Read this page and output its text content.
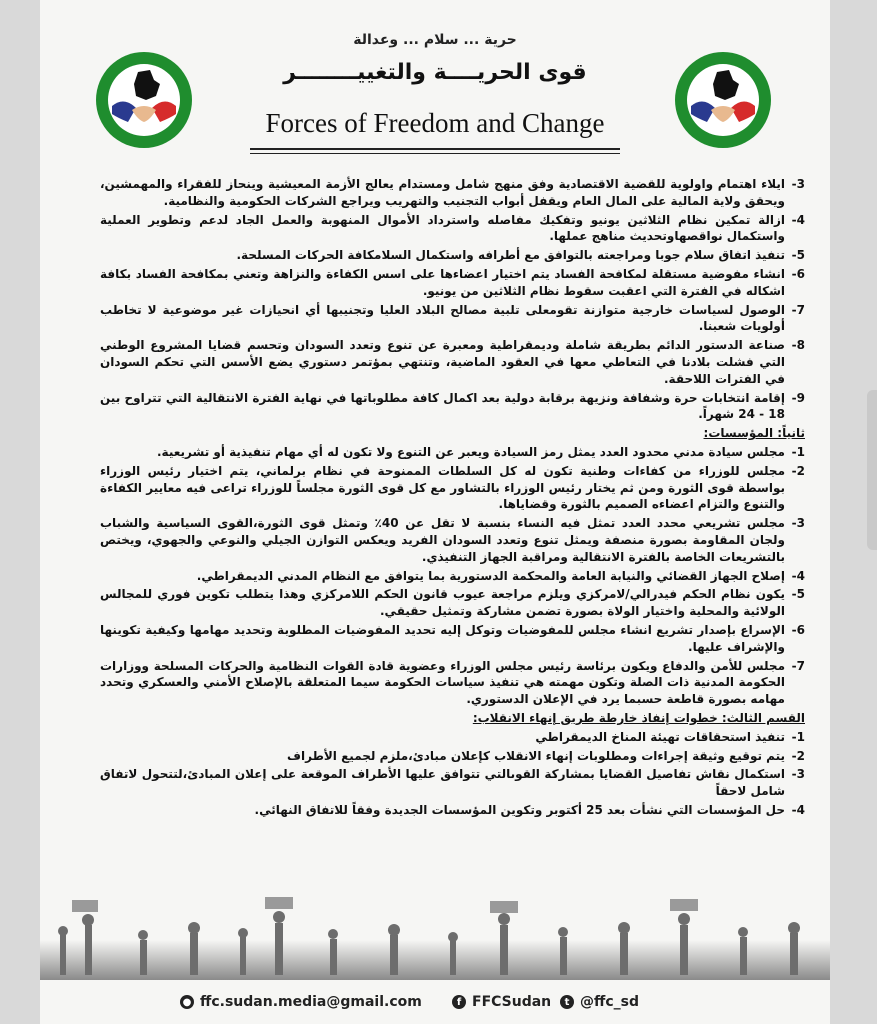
حرية ... سلام ... وعدالة
قوى الحريــــة والتغييــــــــر
Forces of Freedom and Change
3-
ايلاء اهتمام واولوية للقضية الاقتصادية وفق منهج شامل ومستدام يعالج الأزمة المعيشية وينحاز للفقراء والمهمشين، ويحقق ولاية المالية على المال العام ويقفل أبواب التجنيب والتهريب ويراجع الشركات الحكومية والنظامية.
4-
ازالة تمكين نظام الثلاثين يونيو وتفكيك مفاصله واسترداد الأموال المنهوبة والعمل الجاد لدعم وتطوير العملية واستكمال نواقصهاوتحديث مناهج عملها.
5-
تنفيذ اتفاق سلام جوبا ومراجعته بالتوافق مع أطرافه واستكمال السلامكافة الحركات المسلحة.
6-
انشاء مفوضية مستقلة لمكافحة الفساد يتم اختيار اعضاءها على اسس الكفاءة والنزاهة وتعني بمكافحة الفساد بكافة اشكاله في الفترة التي اعقبت سقوط نظام الثلاثين من يونيو.
7-
الوصول لسياسات خارجية متوازنة تقومعلى تلبية مصالح البلاد العليا وتجنيبها أي انحيازات غير موضوعية لا تخاطب أولويات شعبنا.
8-
صناعة الدستور الدائم بطريقة شاملة وديمقراطية ومعبرة عن تنوع وتعدد السودان وتحسم قضايا المشروع الوطني التي فشلت بلادنا في التعاطي معها في العقود الماضية، وتنتهي بمؤتمر دستوري يضع الأسس التي تحكم السودان في الفترات اللاحقة.
9-
إقامة انتخابات حرة وشفافة ونزيهة برقابة دولية بعد اكمال كافة مطلوباتها في نهاية الفترة الانتقالية التي تتراوح بين 18 - 24 شهراً.
ثانياً: المؤسسات:
1-
مجلس سيادة مدني محدود العدد يمثل رمز السيادة ويعبر عن التنوع ولا تكون له أي مهام تنفيذية أو تشريعية.
2-
مجلس للوزراء من كفاءات وطنية تكون له كل السلطات الممنوحة في نظام برلماني، يتم اختيار رئيس الوزراء بواسطة قوى الثورة ومن ثم يختار رئيس الوزراء بالتشاور مع كل قوى الثورة مجلساً للوزراء تراعى فيه معايير الكفاءة والتنوع والتزام اعضاءه الصميم بالثورة وقضاياها.
3-
مجلس تشريعي محدد العدد تمثل فيه النساء بنسبة لا تقل عن 40٪ وتمثل قوى الثورة،القوى السياسية والشباب ولجان المقاومة بصورة منصفة ويمثل تنوع وتعدد السودان الفريد ويعكس التوازن الجيلي والنوعي والجهوي، ويختص بالتشريعات الخاصة بالفترة الانتقالية ومراقبة الجهاز التنفيذي.
4-
إصلاح الجهاز القضائي والنيابة العامة والمحكمة الدستورية بما يتوافق مع النظام المدني الديمقراطي.
5-
يكون نظام الحكم فيدرالي/لامركزي ويلزم مراجعة عيوب قانون الحكم اللامركزي وهذا يتطلب تكوين فوري للمجالس الولائية والمحلية واختيار الولاة بصورة تضمن مشاركة وتمثيل حقيقي.
6-
الإسراع بإصدار تشريع انشاء مجلس للمفوضيات وتوكل إليه تحديد المفوضيات المطلوبة وتحديد مهامها وكيفية تكوينها والإشراف عليها.
7-
مجلس للأمن والدفاع ويكون برئاسة رئيس مجلس الوزراء وعضوية قادة القوات النظامية والحركات المسلحة ووزارات الحكومة المدنية ذات الصلة وتكون مهمته هي تنفيذ سياسات الحكومة سيما المتعلقة بالإصلاح الأمني والعسكري وتحدد مهامه بصورة قاطعة حسبما يرد في الإعلان الدستوري.
القسم الثالث: خطوات إنفاذ خارطة طريق إنهاء الانقلاب:
1-
تنفيذ استحقاقات تهيئة المناخ الديمقراطي
2-
يتم توقيع وثيقة إجراءات ومطلوبات إنهاء الانقلاب كإعلان مبادئ،ملزم لجميع الأطراف
3-
استكمال نقاش تفاصيل القضايا بمشاركة القوىالتي تتوافق عليها الأطراف الموقعة على إعلان المبادئ،لتتحول لاتفاق شامل لاحقاً
4-
حل المؤسسات التي نشأت بعد 25 أكتوبر وتكوين المؤسسات الجديدة وفقاً للاتفاق النهائي.
● ffc.sudan.media@gmail.com	f FFCSudan	t @ffc_sd
